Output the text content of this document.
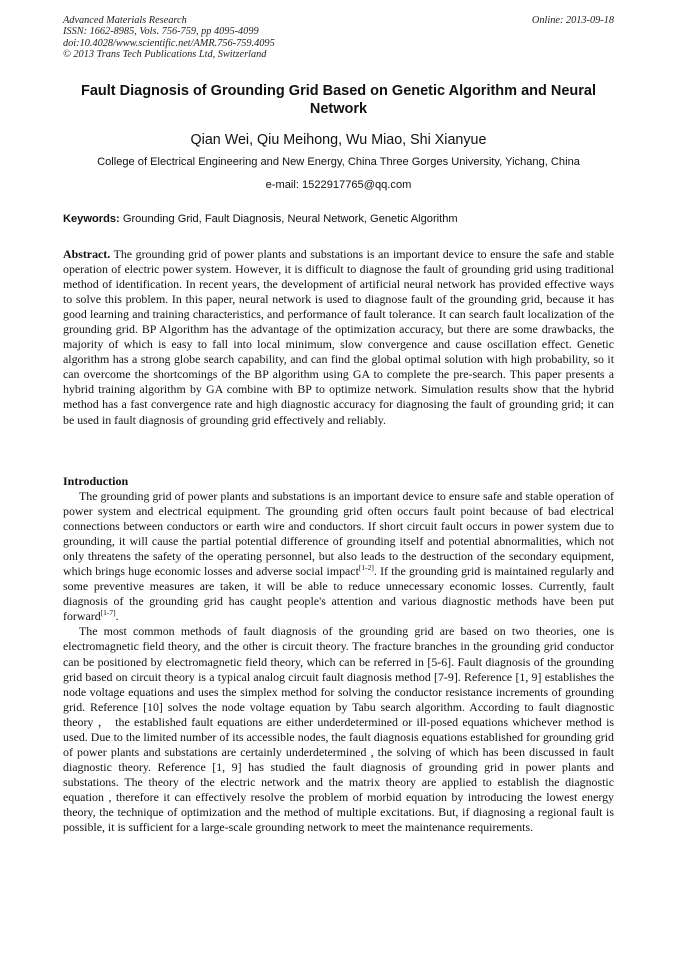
Advanced Materials Research
ISSN: 1662-8985, Vols. 756-759, pp 4095-4099
doi:10.4028/www.scientific.net/AMR.756-759.4095
© 2013 Trans Tech Publications Ltd, Switzerland
Online: 2013-09-18
Fault Diagnosis of Grounding Grid Based on Genetic Algorithm and Neural Network
Qian Wei, Qiu Meihong, Wu Miao, Shi Xianyue
College of Electrical Engineering and New Energy, China Three Gorges University, Yichang, China
e-mail: 1522917765@qq.com
Keywords: Grounding Grid, Fault Diagnosis, Neural Network, Genetic Algorithm
Abstract. The grounding grid of power plants and substations is an important device to ensure the safe and stable operation of electric power system. However, it is difficult to diagnose the fault of grounding grid using traditional method of identification. In recent years, the development of artificial neural network has provided effective ways to solve this problem. In this paper, neural network is used to diagnose fault of the grounding grid, because it has good learning and training characteristics, and performance of fault tolerance. It can search fault localization of the grounding grid. BP Algorithm has the advantage of the optimization accuracy, but there are some drawbacks, the majority of which is easy to fall into local minimum, slow convergence and cause oscillation effect. Genetic algorithm has a strong globe search capability, and can find the global optimal solution with high probability, so it can overcome the shortcomings of the BP algorithm using GA to complete the pre-search. This paper presents a hybrid training algorithm by GA combine with BP to optimize network. Simulation results show that the hybrid method has a fast convergence rate and high diagnostic accuracy for diagnosing the fault of grounding grid; it can be used in fault diagnosis of grounding grid effectively and reliably.
Introduction

The grounding grid of power plants and substations is an important device to ensure safe and stable operation of power system and electrical equipment. The grounding grid often occurs fault point because of bad electrical connections between conductors or earth wire and conductors. If short circuit fault occurs in power system due to grounding, it will cause the partial potential difference of grounding itself and potential abnormalities, which not only threatens the safety of the operating personnel, but also leads to the destruction of the secondary equipment, which brings huge economic losses and adverse social impact[1-2]. If the grounding grid is maintained regularly and some preventive measures are taken, it will be able to reduce unnecessary economic losses. Currently, fault diagnosis of the grounding grid has caught people's attention and various diagnostic methods have been put forward[1-7].

The most common methods of fault diagnosis of the grounding grid are based on two theories, one is electromagnetic field theory, and the other is circuit theory. The fracture branches in the grounding grid conductor can be positioned by electromagnetic field theory, which can be referred in [5-6]. Fault diagnosis of the grounding grid based on circuit theory is a typical analog circuit fault diagnosis method [7-9]. Reference [1, 9] establishes the node voltage equations and uses the simplex method for solving the conductor resistance increments of grounding grid. Reference [10] solves the node voltage equation by Tabu search algorithm. According to fault diagnostic theory ， the established fault equations are either underdetermined or ill-posed equations whichever method is used. Due to the limited number of its accessible nodes, the fault diagnosis equations established for grounding grid of power plants and substations are certainly underdetermined , the solving of which has been discussed in fault diagnostic theory. Reference [1, 9] has studied the fault diagnosis of grounding grid in power plants and substations. The theory of the electric network and the matrix theory are applied to establish the diagnostic equation , therefore it can effectively resolve the problem of morbid equation by introducing the lowest energy theory, the technique of optimization and the method of multiple excitations. But, if diagnosing a regional fault is possible, it is sufficient for a large-scale grounding network to meet the maintenance requirements.
